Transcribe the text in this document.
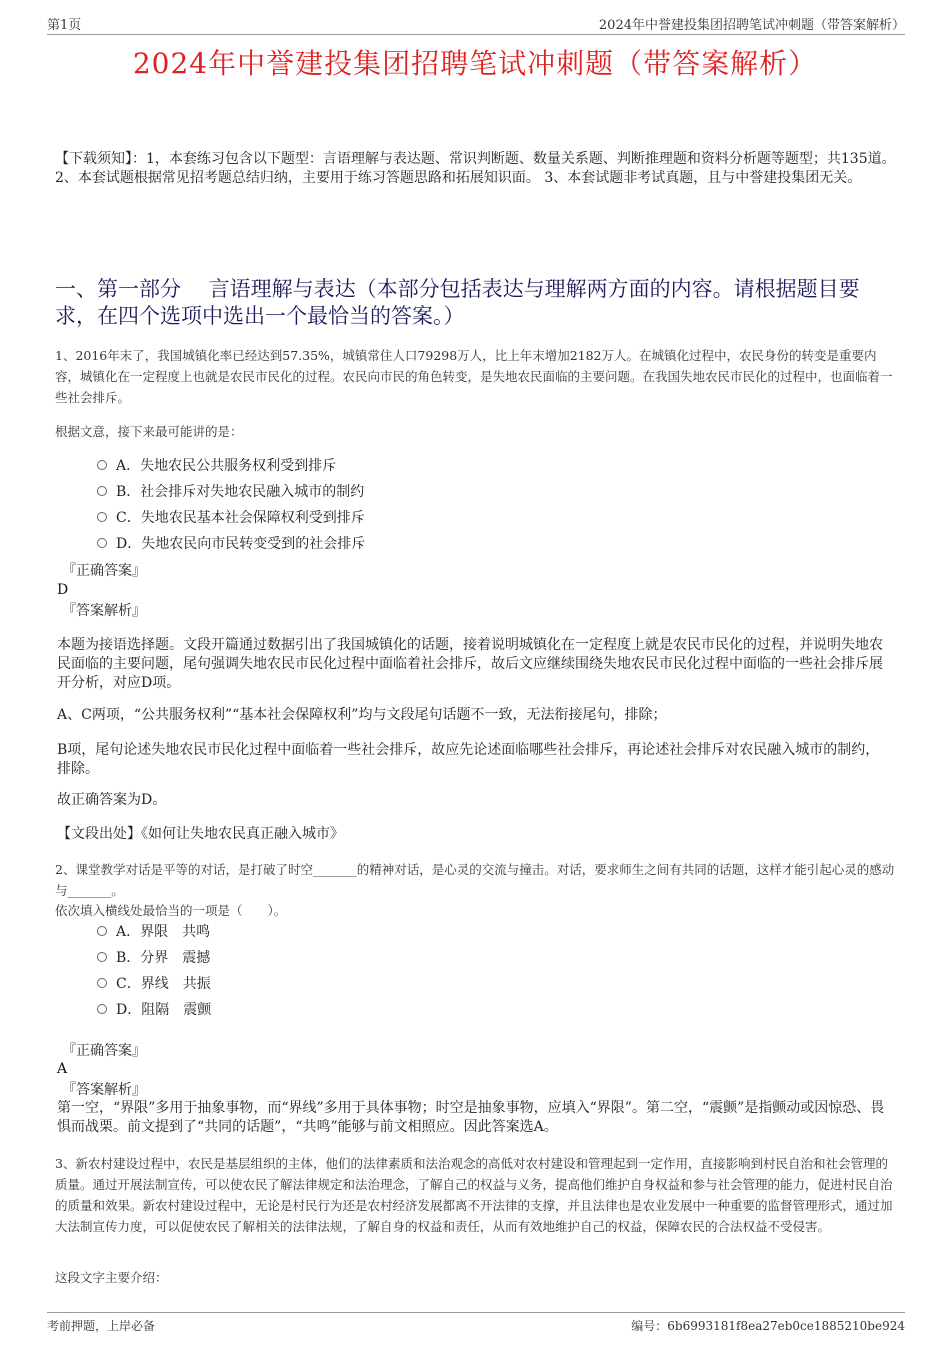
第1页	2024年中誉建投集团招聘笔试冲刺题（带答案解析）
2024年中誉建投集团招聘笔试冲刺题（带答案解析）
【下载须知】：1，本套练习包含以下题型：言语理解与表达题、常识判断题、数量关系题、判断推理题和资料分析题等题型；共135道。 2、本套试题根据常见招考题总结归纳，主要用于练习答题思路和拓展知识面。 3、本套试题非考试真题，且与中誉建投集团无关。
一、第一部分　 言语理解与表达（本部分包括表达与理解两方面的内容。请根据题目要求，在四个选项中选出一个最恰当的答案。）
1、2016年末了，我国城镇化率已经达到57.35%，城镇常住人口79298万人，比上年末增加2182万人。在城镇化过程中，农民身份的转变是重要内容，城镇化在一定程度上也就是农民市民化的过程。农民向市民的角色转变，是失地农民面临的主要问题。在我国失地农民市民化的过程中，也面临着一些社会排斥。
根据文意，接下来最可能讲的是：
A．失地农民公共服务权利受到排斥
B．社会排斥对失地农民融入城市的制约
C．失地农民基本社会保障权利受到排斥
D．失地农民向市民转变受到的社会排斥
『正确答案』
D
『答案解析』
本题为接语选择题。文段开篇通过数据引出了我国城镇化的话题，接着说明城镇化在一定程度上就是农民市民化的过程，并说明失地农民面临的主要问题，尾句强调失地农民市民化过程中面临着社会排斥，故后文应继续围绕失地农民市民化过程中面临的一些社会排斥展开分析，对应D项。
A、C两项，“公共服务权利”“基本社会保障权利”均与文段尾句话题不一致，无法衔接尾句，排除；
B项，尾句论述失地农民市民化过程中面临着一些社会排斥，故应先论述面临哪些社会排斥，再论述社会排斥对农民融入城市的制约，排除。
故正确答案为D。
【文段出处】《如何让失地农民真正融入城市》
2、课堂教学对话是平等的对话，是打破了时空_______的精神对话，是心灵的交流与撞击。对话，要求师生之间有共同的话题，这样才能引起心灵的感动与_______。
依次填入横线处最恰当的一项是（　　）。
A．界限　共鸣
B．分界　震撼
C．界线　共振
D．阻隔　震颤
『正确答案』
A
『答案解析』
第一空，“界限”多用于抽象事物，而“界线”多用于具体事物；时空是抽象事物，应填入“界限”。第二空，“震颤”是指颤动或因惊恐、畏惧而战栗。前文提到了“共同的话题”，“共鸣”能够与前文相照应。因此答案选A。
3、新农村建设过程中，农民是基层组织的主体，他们的法律素质和法治观念的高低对农村建设和管理起到一定作用，直接影响到村民自治和社会管理的质量。通过开展法制宣传，可以使农民了解法律规定和法治理念，了解自己的权益与义务，提高他们维护自身权益和参与社会管理的能力，促进村民自治的质量和效果。新农村建设过程中，无论是村民行为还是农村经济发展都离不开法律的支撑，并且法律也是农业发展中一种重要的监督管理形式，通过加大法制宣传力度，可以促使农民了解相关的法律法规，了解自身的权益和责任，从而有效地维护自己的权益，保障农民的合法权益不受侵害。
这段文字主要介绍：
考前押题，上岸必备	编号：6b6993181f8ea27eb0ce1885210be924
